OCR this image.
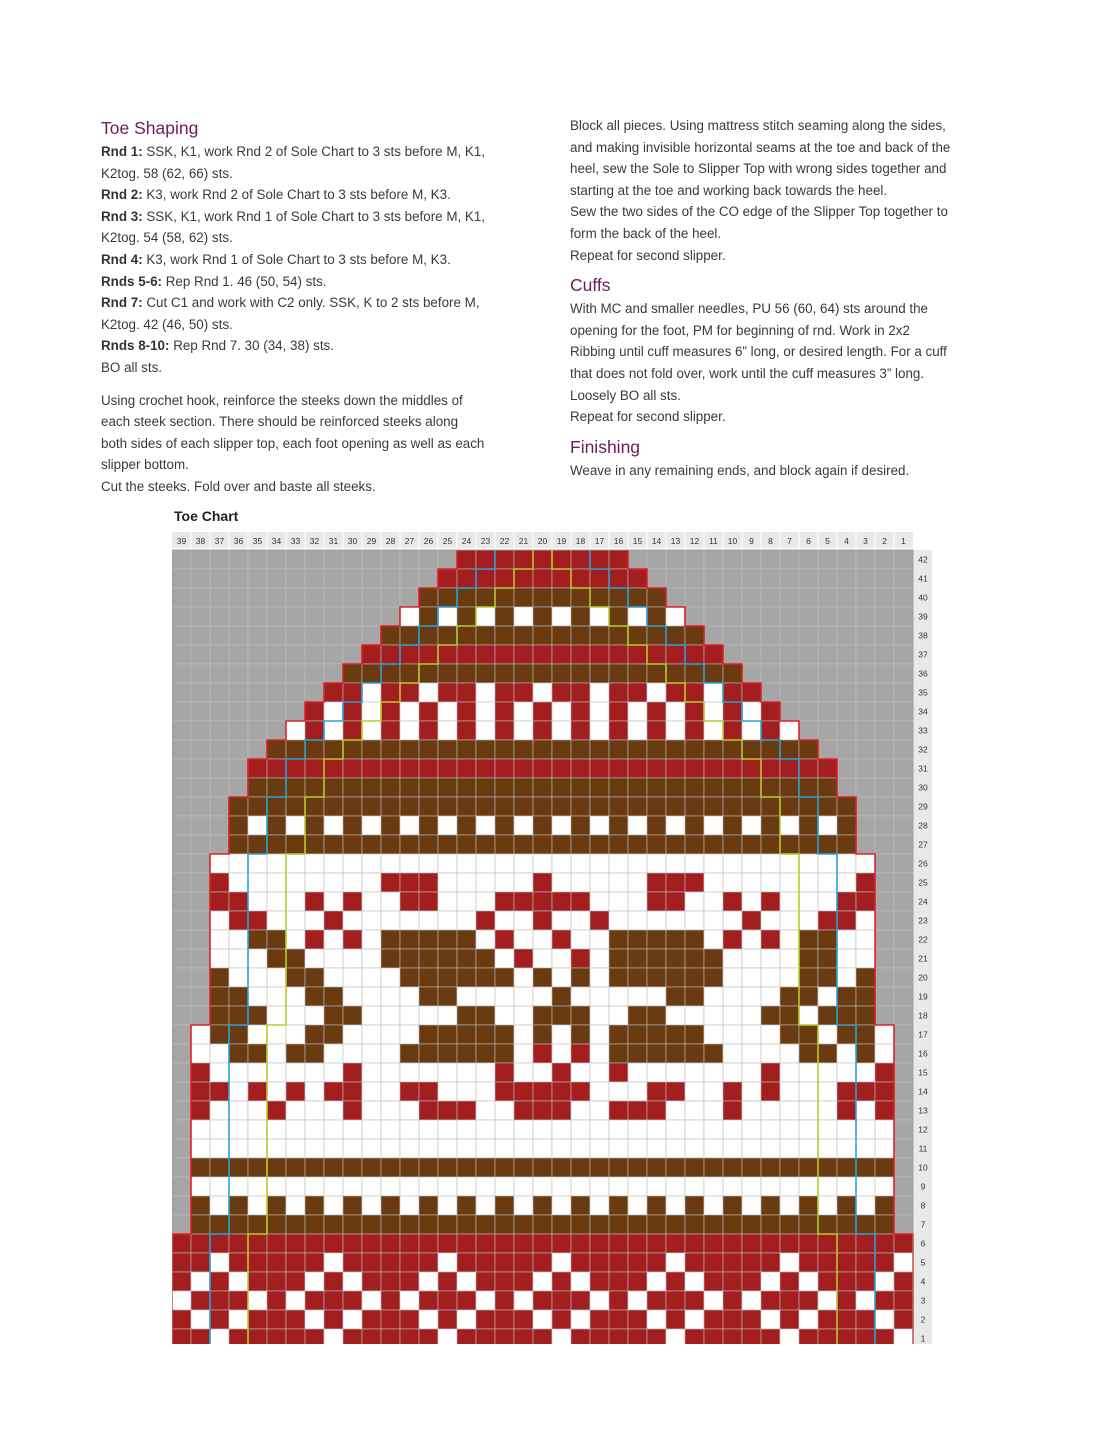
Toe Shaping

Rnd 1: SSK, K1, work Rnd 2 of Sole Chart to 3 sts before M, K1,

K2tog. 58 (62, 66) sts.

Rnd 2: K3, work Rnd 2 of Sole Chart to 3 sts before M, K3.

Rnd 3: SSK, K1, work Rnd 1 of Sole Chart to 3 sts before M, K1,

K2tog. 54 (58, 62) sts.

Rnd 4: K3, work Rnd 1 of Sole Chart to 3 sts before M, K3.

Rnds 5-6: Rep Rnd 1. 46 (50, 54) sts.

Rnd 7: Cut C1 and work with C2 only. SSK, K to 2 sts before M,

K2tog. 42 (46, 50) sts.

Rnds 8-10: Rep Rnd 7. 30 (34, 38) sts.

BO all sts.

Using crochet hook, reinforce the steeks down the middles of

each steek section. There should be reinforced steeks along

both sides of each slipper top, each foot opening as well as each

slipper bottom.

Cut the steeks. Fold over and baste all steeks.

Block all pieces. Using mattress stitch seaming along the sides,

and making invisible horizontal seams at the toe and back of the

heel, sew the Sole to Slipper Top with wrong sides together and

starting at the toe and working back towards the heel.

Sew the two sides of the CO edge of the Slipper Top together to

form the back of the heel.

Repeat for second slipper.

Cuffs

With MC and smaller needles, PU 56 (60, 64) sts around the

opening for the foot, PM for beginning of rnd. Work in 2x2

Ribbing until cuff measures 6” long, or desired length. For a cuff

that does not fold over, work until the cuff measures 3” long.

Loosely BO all sts.

Repeat for second slipper.

Finishing

Weave in any remaining ends, and block again if desired.

Toe Chart
39 38 37 36 35 34 33 32 31 30 29 28 27 26 25 24 23 22 21 20 19 18 17 16 15 14 13 12 11 10 9 8 7 6 5 4 3 2 1
42
41
40
39
38
37
36
35
34
33
32
31
30
29
28
27
26
25
24
23
22
21
20
19
18
17
16
15
14
13
12
11
10
9
8
7
6
5
4
3
2
1
